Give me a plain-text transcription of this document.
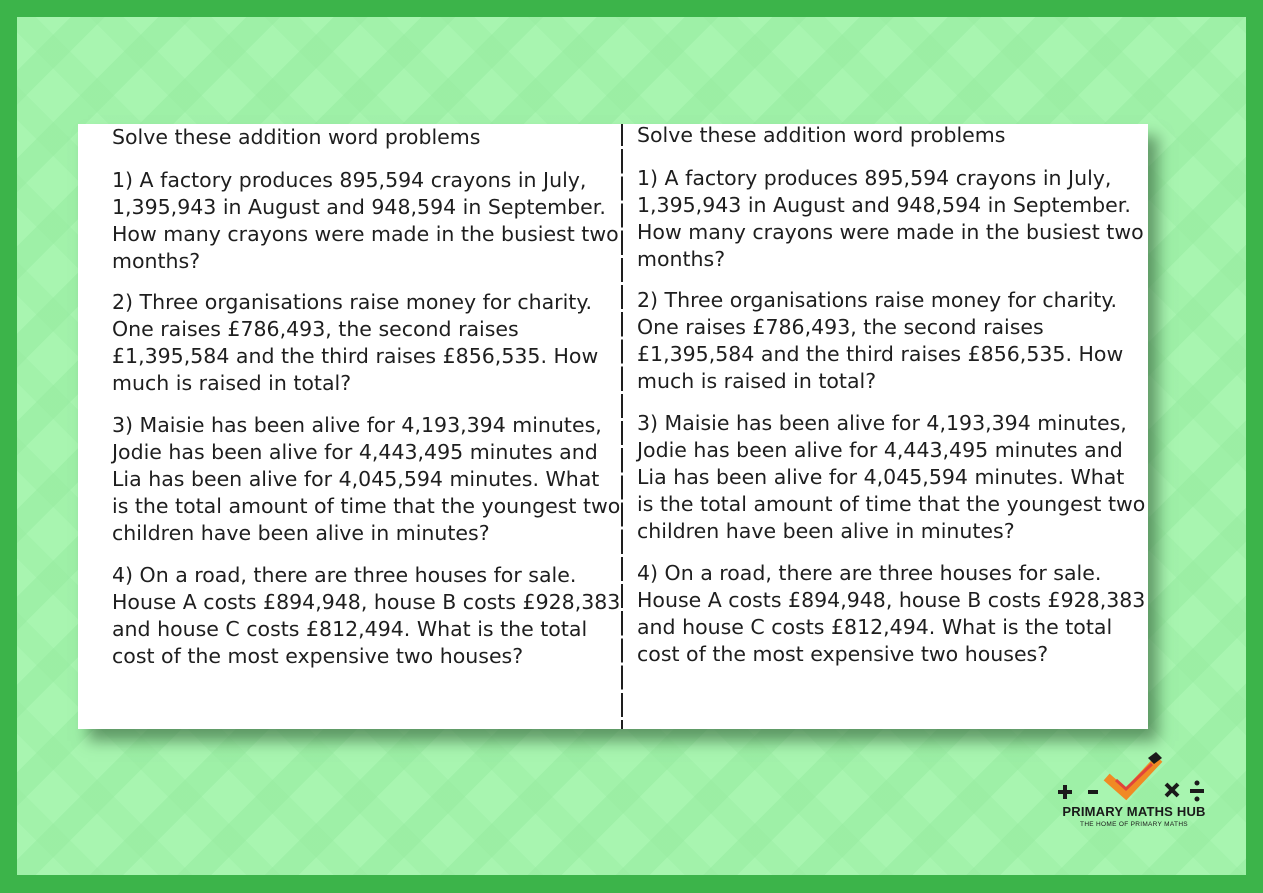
Solve these addition word problems

1) A factory produces 895,594 crayons in July, 1,395,943 in August and 948,594 in September. How many crayons were made in the busiest two months?

2) Three organisations raise money for charity. One raises £786,493, the second raises £1,395,584 and the third raises £856,535. How much is raised in total?

3) Maisie has been alive for 4,193,394 minutes, Jodie has been alive for 4,443,495 minutes and Lia has been alive for 4,045,594 minutes. What is the total amount of time that the youngest two children have been alive in minutes?

4) On a road, there are three houses for sale. House A costs £894,948, house B costs £928,383 and house C costs £812,494. What is the total cost of the most expensive two houses?

Solve these addition word problems

1) A factory produces 895,594 crayons in July, 1,395,943 in August and 948,594 in September. How many crayons were made in the busiest two months?

2) Three organisations raise money for charity. One raises £786,493, the second raises £1,395,584 and the third raises £856,535. How much is raised in total?

3) Maisie has been alive for 4,193,394 minutes, Jodie has been alive for 4,443,495 minutes and Lia has been alive for 4,045,594 minutes. What is the total amount of time that the youngest two children have been alive in minutes?

4) On a road, there are three houses for sale. House A costs £894,948, house B costs £928,383 and house C costs £812,494. What is the total cost of the most expensive two houses?

PRIMARY MATHS HUB
THE HOME OF PRIMARY MATHS
